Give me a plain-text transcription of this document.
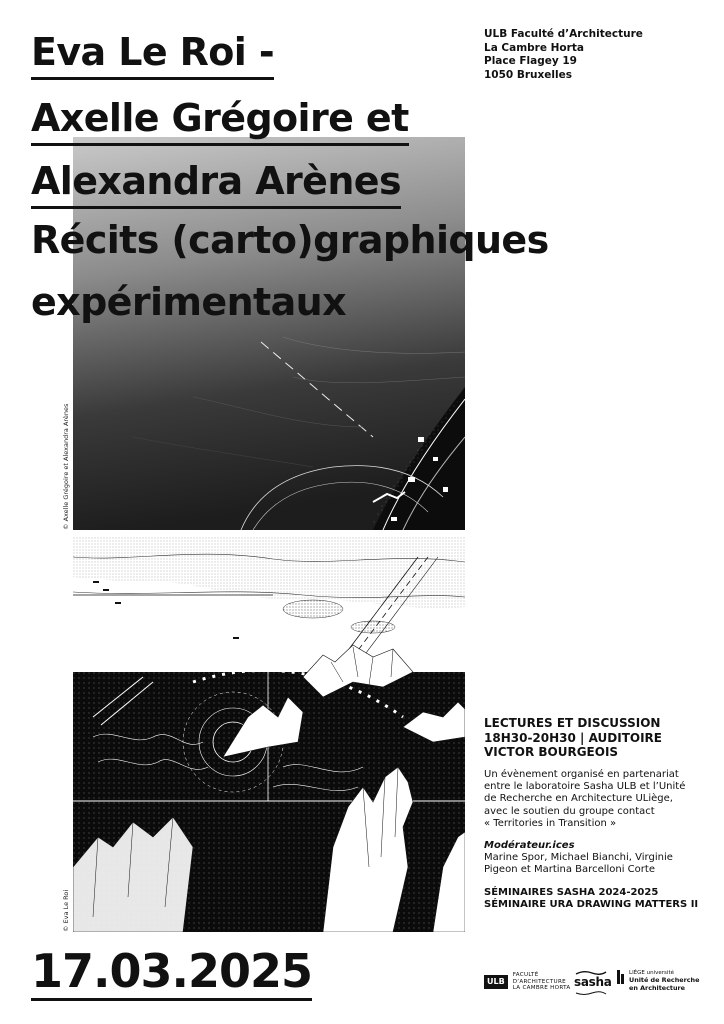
© Axelle Grégoire et Alexandra Arènes
© Eva Le Roi
Eva Le Roi -
Axelle Grégoire et
Alexandra Arènes
Récits (carto)graphiques
expérimentaux
ULB Faculté d’Architecture
La Cambre Horta
Place Flagey 19
1050 Bruxelles
LECTURES ET DISCUSSION
18H30-20H30 | AUDITOIRE
VICTOR BOURGEOIS
Un évènement organisé en partenariat
entre le laboratoire Sasha ULB et l’Unité
de Recherche en Architecture ULiège,
avec le soutien du groupe contact
« Territories in Transition »
Modérateur.ices
Marine Spor, Michael Bianchi, Virginie
Pigeon et Martina Barcelloni Corte
SÉMINAIRES SASHA 2024-2025
SÉMINAIRE URA DRAWING MATTERS II
17.03.2025	ULB
FACULTÉ
D’ARCHITECTURE
LA CAMBRE HORTA sasha
LIÈGE université
Unité de Recherche
en Architecture
